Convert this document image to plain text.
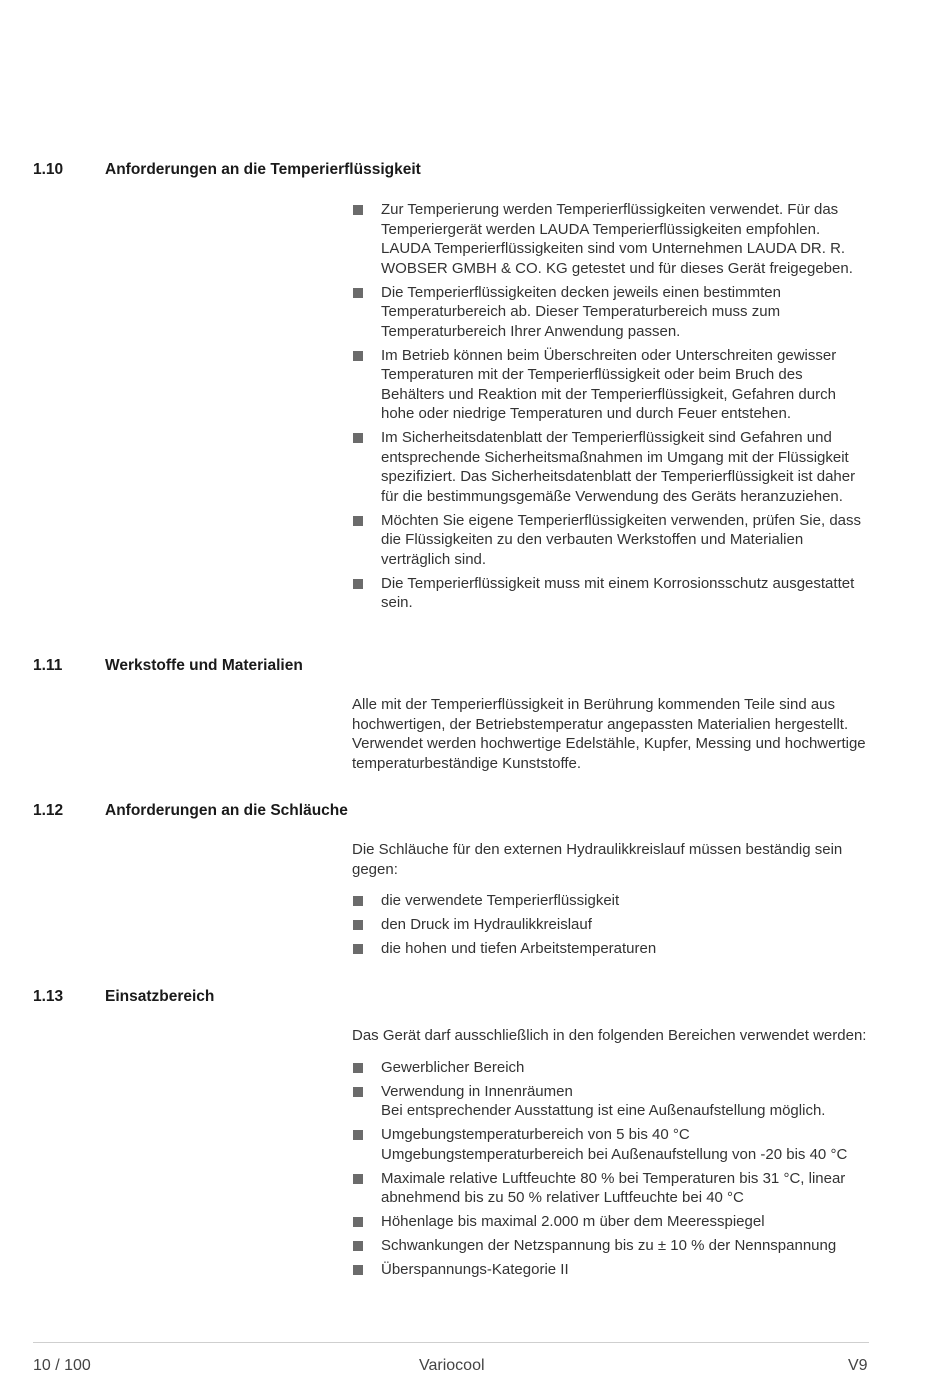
1.10	Anforderungen an die Temperierflüssigkeit
Zur Temperierung werden Temperierflüssigkeiten verwendet. Für das Temperiergerät werden LAUDA Temperierflüssigkeiten empfohlen. LAUDA Temperierflüssigkeiten sind vom Unternehmen LAUDA DR. R. WOBSER GMBH & CO. KG getestet und für dieses Gerät freigegeben.
Die Temperierflüssigkeiten decken jeweils einen bestimmten Temperaturbereich ab. Dieser Temperaturbereich muss zum Temperaturbereich Ihrer Anwendung passen.
Im Betrieb können beim Überschreiten oder Unterschreiten gewisser Temperaturen mit der Temperierflüssigkeit oder beim Bruch des Behälters und Reaktion mit der Temperierflüssigkeit, Gefahren durch hohe oder niedrige Temperaturen und durch Feuer entstehen.
Im Sicherheitsdatenblatt der Temperierflüssigkeit sind Gefahren und entsprechende Sicherheitsmaßnahmen im Umgang mit der Flüssigkeit spezifiziert. Das Sicherheitsdatenblatt der Temperierflüssigkeit ist daher für die bestimmungsgemäße Verwendung des Geräts heranzuziehen.
Möchten Sie eigene Temperierflüssigkeiten verwenden, prüfen Sie, dass die Flüssigkeiten zu den verbauten Werkstoffen und Materialien verträglich sind.
Die Temperierflüssigkeit muss mit einem Korrosionsschutz ausgestattet sein.
1.11	Werkstoffe und Materialien

Alle mit der Temperierflüssigkeit in Berührung kommenden Teile sind aus hochwertigen, der Betriebstemperatur angepassten Materialien hergestellt. Verwendet werden hochwertige Edelstähle, Kupfer, Messing und hochwertige temperaturbeständige Kunststoffe.

1.12	Anforderungen an die Schläuche

Die Schläuche für den externen Hydraulikkreislauf müssen beständig sein gegen:

die verwendete Temperierflüssigkeit
den Druck im Hydraulikkreislauf
die hohen und tiefen Arbeitstemperaturen
1.13	Einsatzbereich

Das Gerät darf ausschließlich in den folgenden Bereichen verwendet werden:

Gewerblicher Bereich
Verwendung in Innenräumen
Bei entsprechender Ausstattung ist eine Außenaufstellung möglich.
Umgebungstemperaturbereich von 5 bis 40 °C
Umgebungstemperaturbereich bei Außenaufstellung von -20 bis 40 °C
Maximale relative Luftfeuchte 80 % bei Temperaturen bis 31 °C, linear abnehmend bis zu 50 % relativer Luftfeuchte bei 40 °C
Höhenlage bis maximal 2.000 m über dem Meeresspiegel
Schwankungen der Netzspannung bis zu ± 10 % der Nennspannung
Überspannungs-Kategorie II
10 / 100	Variocool	V9
